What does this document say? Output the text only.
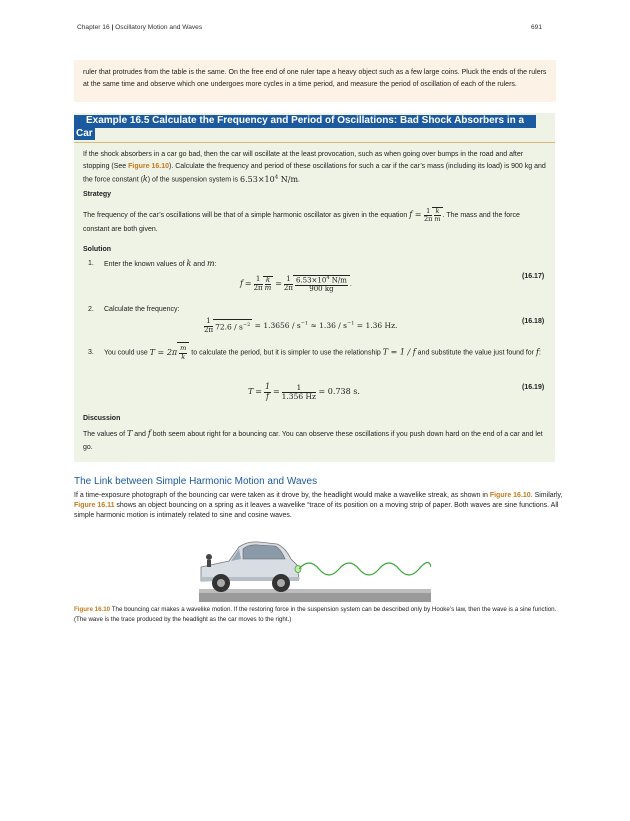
Chapter 16 | Oscillatory Motion and Waves	691

ruler that protrudes from the table is the same. On the free end of one ruler tape a heavy object such as a few large coins. Pluck the ends of the rulers at the same time and observe which one undergoes more cycles in a time period, and measure the period of oscillation of each of the rulers.

Example 16.5 Calculate the Frequency and Period of Oscillations: Bad Shock Absorbers in a
Car
If the shock absorbers in a car go bad, then the car will oscillate at the least provocation, such as when going over bumps in the road and after stopping (See Figure 16.10). Calculate the frequency and period of these oscillations for such a car if the car’s mass (including its load) is 900 kg and the force constant (k) of the suspension system is $6.53\times 10^4$ N/m.
Strategy
The frequency of the car’s oscillations will be that of a simple harmonic oscillator as given in the equation $f = \frac{1}{2\pi} \frac{k}{m}$ . The mass and the force constant are both given.
Solution
1. Enter the known values of k and m:
$f = \frac{1}{2\pi} \frac{k}{m} = \frac{1}{2\pi} \frac{6.53\times 10^4 N/m}{900 kg}$ .
(16.17)
2. Calculate the frequency:
$\frac{1}{2\pi} 72.6 / s^{-2} = 1.3656 / s^{-1} \approx 1.36 / s^{-1} = 1.36$ Hz.	(16.18)
3. You could use $T = 2\pi \frac{m}{k}$ to calculate the period, but it is simpler to use the relationship T = 1 / f and substitute the value just found for f:
$T = \frac{1}{f} = \frac{1}{1.356 Hz} = 0.738$ s.	(16.19)
Discussion
The values of T and f both seem about right for a bouncing car. You can observe these oscillations if you push down hard on the end of a car and let go.
The Link between Simple Harmonic Motion and Waves
If a time-exposure photograph of the bouncing car were taken as it drove by, the headlight would make a wavelike streak, as shown in Figure 16.10. Similarly, Figure 16.11 shows an object bouncing on a spring as it leaves a wavelike “trace of its position on a moving strip of paper. Both waves are sine functions. All simple harmonic motion is intimately related to sine and cosine waves.
Figure 16.10 The bouncing car makes a wavelike motion. If the restoring force in the suspension system can be described only by Hooke’s law, then the wave is a sine function. (The wave is the trace produced by the headlight as the car moves to the right.)
